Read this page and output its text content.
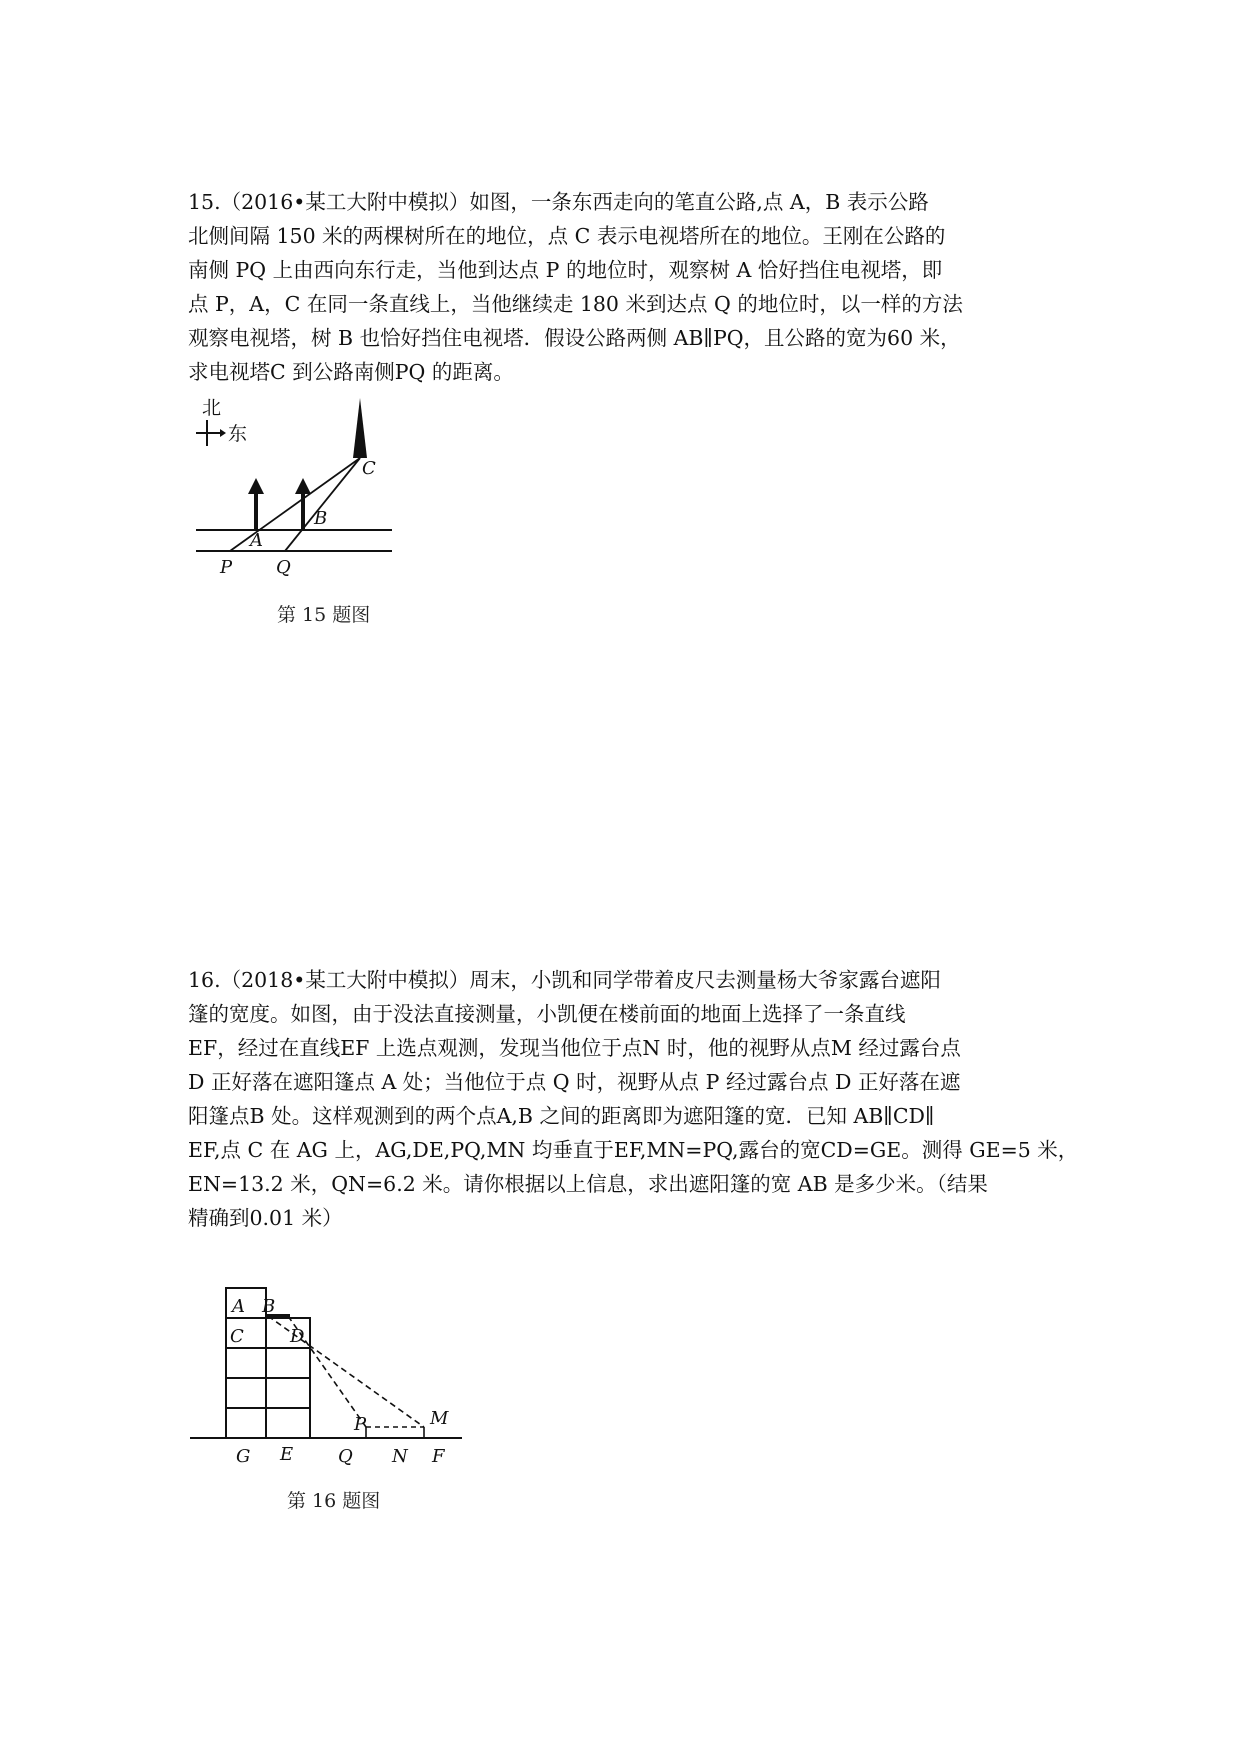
15.（2016•某工大附中模拟）如图，一条东西走向的笔直公路,点 A，B 表示公路
北侧间隔 150 米的两棵树所在的地位，点 C 表示电视塔所在的地位。王刚在公路的
南侧 PQ 上由西向东行走，当他到达点 P 的地位时，观察树 A 恰好挡住电视塔，即
点 P，A，C 在同一条直线上，当他继续走 180 米到达点 Q 的地位时，以一样的方法
观察电视塔，树 B 也恰好挡住电视塔．假设公路两侧 AB∥PQ，且公路的宽为60 米，
求电视塔C 到公路南侧PQ 的距离。
北
东
C
B
A
P Q
第 15 题图
16.（2018•某工大附中模拟）周末，小凯和同学带着皮尺去测量杨大爷家露台遮阳
篷的宽度。如图，由于没法直接测量，小凯便在楼前面的地面上选择了一条直线
EF，经过在直线EF 上选点观测，发现当他位于点N 时，他的视野从点M 经过露台点
D 正好落在遮阳篷点 A 处；当他位于点 Q 时，视野从点 P 经过露台点 D 正好落在遮
阳篷点B 处。这样观测到的两个点A,B 之间的距离即为遮阳篷的宽．已知 AB∥CD∥
EF,点 C 在 AG 上，AG,DE,PQ,MN 均垂直于EF,MN=PQ,露台的宽CD=GE。测得 GE=5 米，
EN=13.2 米，QN=6.2 米。请你根据以上信息，求出遮阳篷的宽 AB 是多少米。（结果
精确到0.01 米）
A B
C	D
P	M
G E Q N F
第 16 题图
